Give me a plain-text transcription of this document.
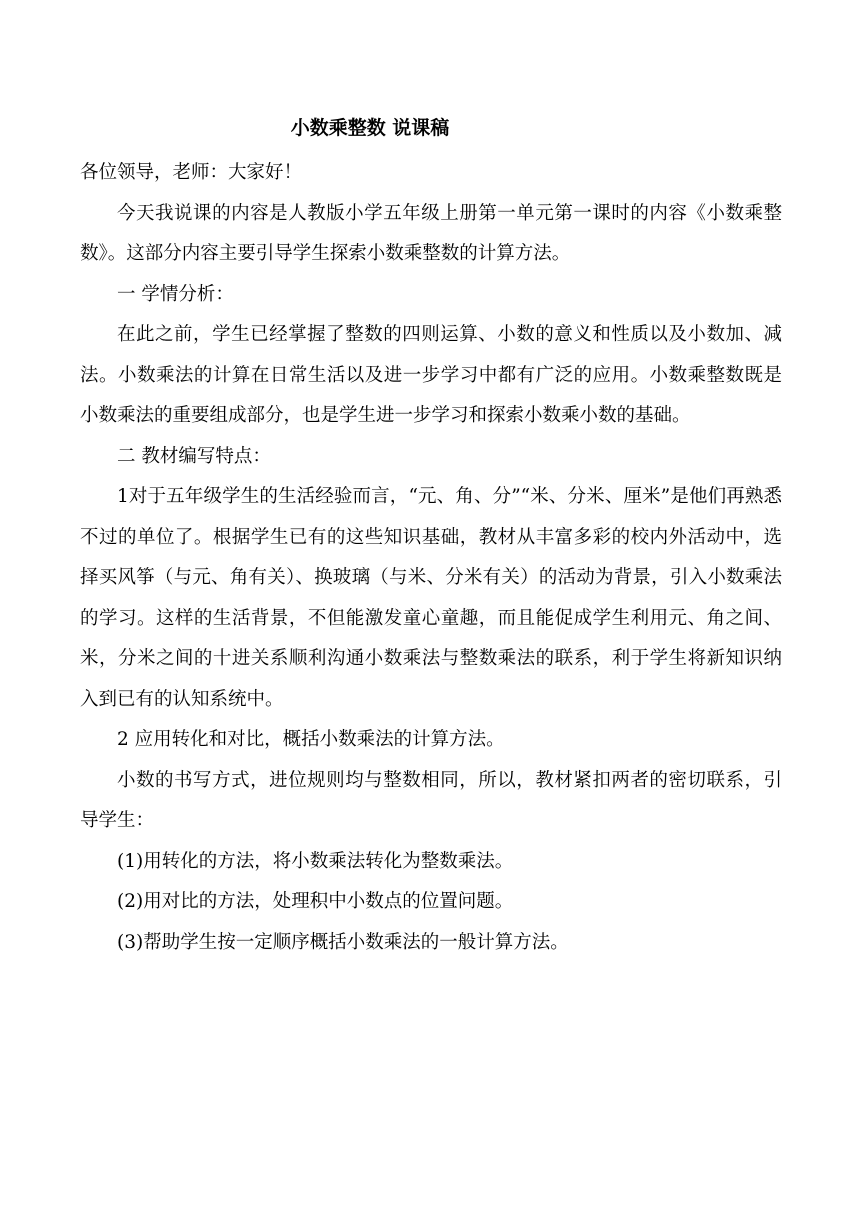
小数乘整数 说课稿

各位领导，老师：大家好！

今天我说课的内容是人教版小学五年级上册第一单元第一课时的内容《小数乘整数》。这部分内容主要引导学生探索小数乘整数的计算方法。

一 学情分析：

在此之前，学生已经掌握了整数的四则运算、小数的意义和性质以及小数加、减法。小数乘法的计算在日常生活以及进一步学习中都有广泛的应用。小数乘整数既是小数乘法的重要组成部分，也是学生进一步学习和探索小数乘小数的基础。

二 教材编写特点：

1对于五年级学生的生活经验而言，“元、角、分”“米、分米、厘米”是他们再熟悉不过的单位了。根据学生已有的这些知识基础，教材从丰富多彩的校内外活动中，选择买风筝（与元、角有关）、换玻璃（与米、分米有关）的活动为背景，引入小数乘法的学习。这样的生活背景，不但能激发童心童趣，而且能促成学生利用元、角之间、米，分米之间的十进关系顺利沟通小数乘法与整数乘法的联系，利于学生将新知识纳入到已有的认知系统中。

2 应用转化和对比，概括小数乘法的计算方法。

小数的书写方式，进位规则均与整数相同，所以，教材紧扣两者的密切联系，引导学生：

(1)用转化的方法，将小数乘法转化为整数乘法。

(2)用对比的方法，处理积中小数点的位置问题。

(3)帮助学生按一定顺序概括小数乘法的一般计算方法。
